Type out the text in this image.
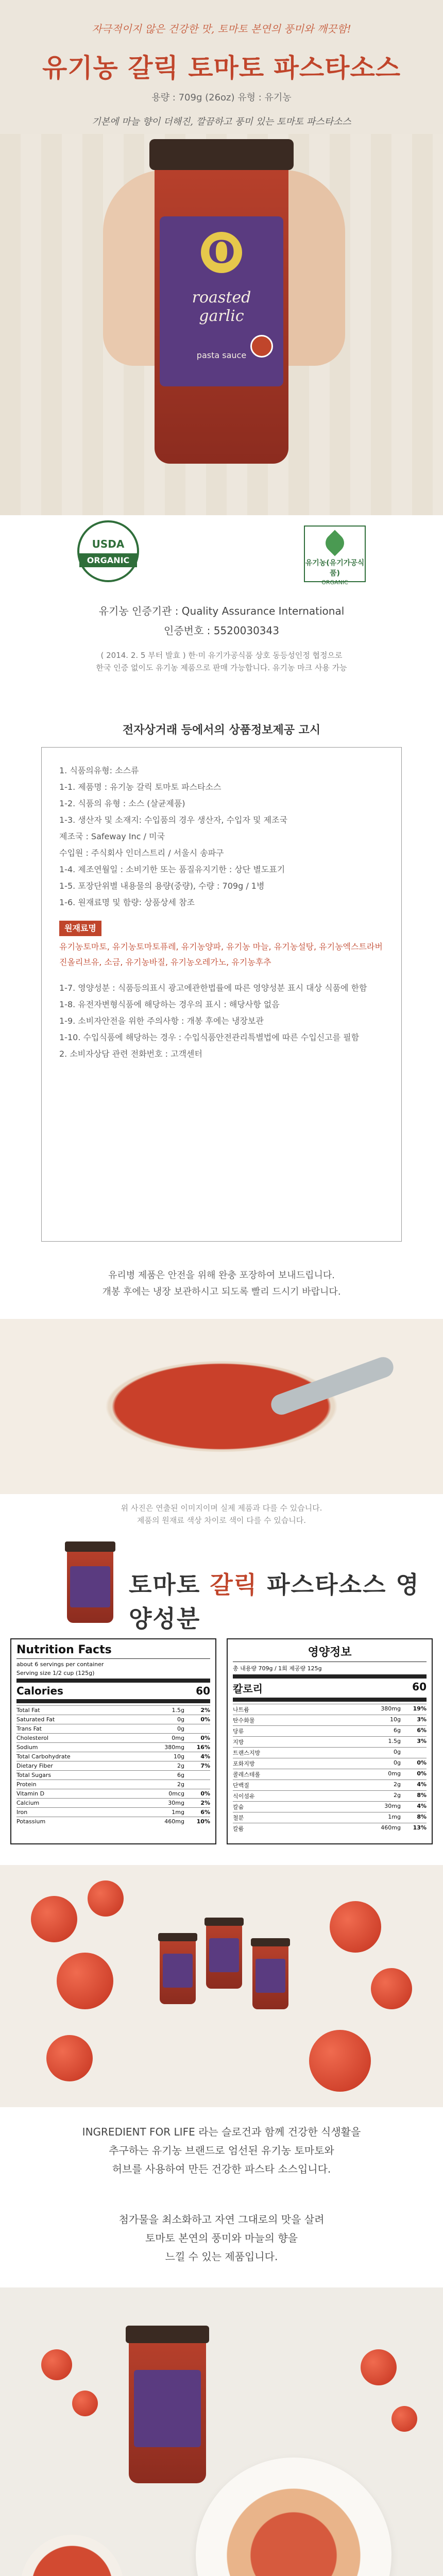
자극적이지 않은 건강한 맛, 토마토 본연의 풍미와 깨끗함!
유기농 갈릭 토마토 파스타소스
용량 : 709g (26oz) 유형 : 유기농
기본에 마늘 향이 더해진, 깔끔하고 풍미 있는 토마토 파스타소스
O
roasted
garlic
pasta sauce
USDA
ORGANIC	유기농(유기가공식품)
ORGANIC
유기농 인증기관 : Quality Assurance International
인증번호 : 5520030343
( 2014. 2. 5 부터 발효 ) 한·미 유기가공식품 상호 동등성인정 협정으로
한국 인증 없이도 유기농 제품으로 판매 가능합니다. 유기농 마크 사용 가능
전자상거래 등에서의 상품정보제공 고시

1. 식품의유형: 소스류

1-1. 제품명 : 유기농 갈릭 토마토 파스타소스

1-2. 식품의 유형 : 소스 (살균제품)

1-3. 생산자 및 소재지: 수입품의 경우 생산자, 수입자 및 제조국

제조국 : Safeway Inc / 미국

수입원 : 주식회사 인더스트리 / 서울시 송파구

1-4. 제조연월일 : 소비기한 또는 품질유지기한 : 상단 별도표기

1-5. 포장단위별 내용물의 용량(중량), 수량 : 709g / 1병

1-6. 원재료명 및 함량: 상품상세 참조

원재료명

유기농토마토, 유기농토마토퓨레, 유기농양파, 유기농 마늘, 유기농설탕, 유기농엑스트라버진올리브유, 소금, 유기농바질, 유기농오레가노, 유기농후추

1-7. 영양성분 : 식품등의표시 광고에관한법률에 따른 영양성분 표시 대상 식품에 한함

1-8. 유전자변형식품에 해당하는 경우의 표시 : 해당사항 없음

1-9. 소비자안전을 위한 주의사항 : 개봉 후에는 냉장보관

1-10. 수입식품에 해당하는 경우 : 수입식품안전관리특별법에 따른 수입신고를 필함

2. 소비자상담 관련 전화번호 : 고객센터

유리병 제품은 안전을 위해 완충 포장하여 보내드립니다.
개봉 후에는 냉장 보관하시고 되도록 빨리 드시기 바랍니다.
위 사진은 연출된 이미지이며 실제 제품과 다를 수 있습니다.
제품의 원재료 색상 차이로 색이 다를 수 있습니다.
토마토 갈릭 파스타소스 영양성분
Nutrition Facts
about 6 servings per container
Serving size 1/2 cup (125g)
Calories	60
Total Fat	1.5g	2%
Saturated Fat	0g	0%
Trans Fat	0g
Cholesterol	0mg	0%
Sodium	380mg	16%
Total Carbohydrate	10g	4%
Dietary Fiber	2g	7%
Total Sugars	6g
Protein	2g
Vitamin D	0mcg	0%
Calcium	30mg	2%
Iron	1mg	6%
Potassium	460mg	10%
영양정보
총 내용량 709g / 1회 제공량 125g
칼로리	60
나트륨	380mg	19%
탄수화물	10g	3%
당류	6g	6%
지방	1.5g	3%
트랜스지방	0g
포화지방	0g	0%
콜레스테롤	0mg	0%
단백질	2g	4%
식이섬유	2g	8%
칼슘	30mg	4%
철분	1mg	8%
칼륨	460mg	13%
INGREDIENT FOR LIFE 라는 슬로건과 함께 건강한 식생활을
추구하는 유기농 브랜드로 엄선된 유기농 토마토와
허브를 사용하여 만든 건강한 파스타 소스입니다.
첨가물을 최소화하고 자연 그대로의 맛을 살려
토마토 본연의 풍미와 마늘의 향을
느낄 수 있는 제품입니다.
